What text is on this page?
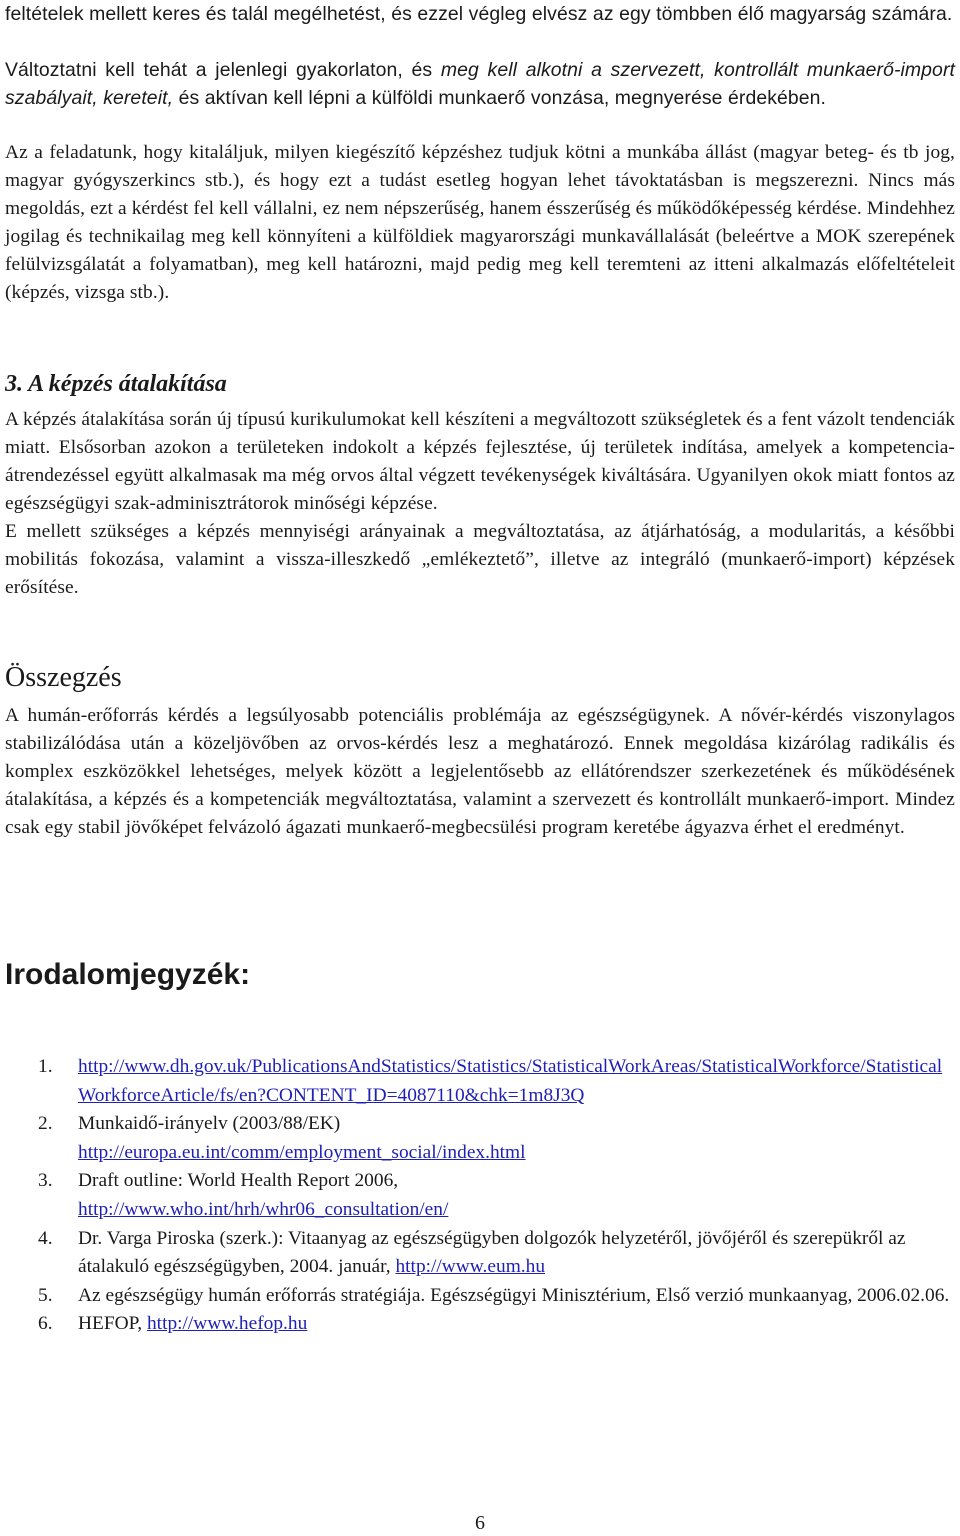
feltételek mellett keres és talál megélhetést, és ezzel végleg elvész az egy tömbben élő magyarság számára.

Változtatni kell tehát a jelenlegi gyakorlaton, és meg kell alkotni a szervezett, kontrollált munkaerő-import szabályait, kereteit, és aktívan kell lépni a külföldi munkaerő vonzása, megnyerése érdekében.

Az a feladatunk, hogy kitaláljuk, milyen kiegészítő képzéshez tudjuk kötni a munkába állást (magyar beteg- és tb jog, magyar gyógyszerkincs stb.), és hogy ezt a tudást esetleg hogyan lehet távoktatásban is megszerezni. Nincs más megoldás, ezt a kérdést fel kell vállalni, ez nem népszerűség, hanem ésszerűség és működőképesség kérdése. Mindehhez jogilag és technikailag meg kell könnyíteni a külföldiek magyarországi munkavállalását (beleértve a MOK szerepének felülvizsgálatát a folyamatban), meg kell határozni, majd pedig meg kell teremteni az itteni alkalmazás előfeltételeit (képzés, vizsga stb.).

3. A képzés átalakítása

A képzés átalakítása során új típusú kurikulumokat kell készíteni a megváltozott szükségletek és a fent vázolt tendenciák miatt. Elsősorban azokon a területeken indokolt a képzés fejlesztése, új területek indítása, amelyek a kompetencia-átrendezéssel együtt alkalmasak ma még orvos által végzett tevékenységek kiváltására. Ugyanilyen okok miatt fontos az egészségügyi szak-adminisztrátorok minőségi képzése.

E mellett szükséges a képzés mennyiségi arányainak a megváltoztatása, az átjárhatóság, a modularitás, a későbbi mobilitás fokozása, valamint a vissza-illeszkedő „emlékeztető”, illetve az integráló (munkaerő-import) képzések erősítése.

Összegzés

A humán-erőforrás kérdés a legsúlyosabb potenciális problémája az egészségügynek. A nővér-kérdés viszonylagos stabilizálódása után a közeljövőben az orvos-kérdés lesz a meghatározó. Ennek megoldása kizárólag radikális és komplex eszközökkel lehetséges, melyek között a legjelentősebb az ellátórendszer szerkezetének és működésének átalakítása, a képzés és a kompetenciák megváltoztatása, valamint a szervezett és kontrollált munkaerő-import. Mindez csak egy stabil jövőképet felvázoló ágazati munkaerő-megbecsülési program keretébe ágyazva érhet el eredményt.

Irodalomjegyzék:
1.	http://www.dh.gov.uk/PublicationsAndStatistics/Statistics/StatisticalWorkAreas/StatisticalWorkforce/StatisticalWorkforceArticle/fs/en?CONTENT_ID=4087110&chk=1m8J3Q
2.	Munkaidő-irányelv (2003/88/EK)
http://europa.eu.int/comm/employment_social/index.html
3.	Draft outline: World Health Report 2006,
http://www.who.int/hrh/whr06_consultation/en/
4.	Dr. Varga Piroska (szerk.): Vitaanyag az egészségügyben dolgozók helyzetéről, jövőjéről és szerepükről az átalakuló egészségügyben, 2004. január, http://www.eum.hu
5.	Az egészségügy humán erőforrás stratégiája. Egészségügyi Minisztérium, Első verzió munkaanyag, 2006.02.06.
6.	HEFOP, http://www.hefop.hu
6
